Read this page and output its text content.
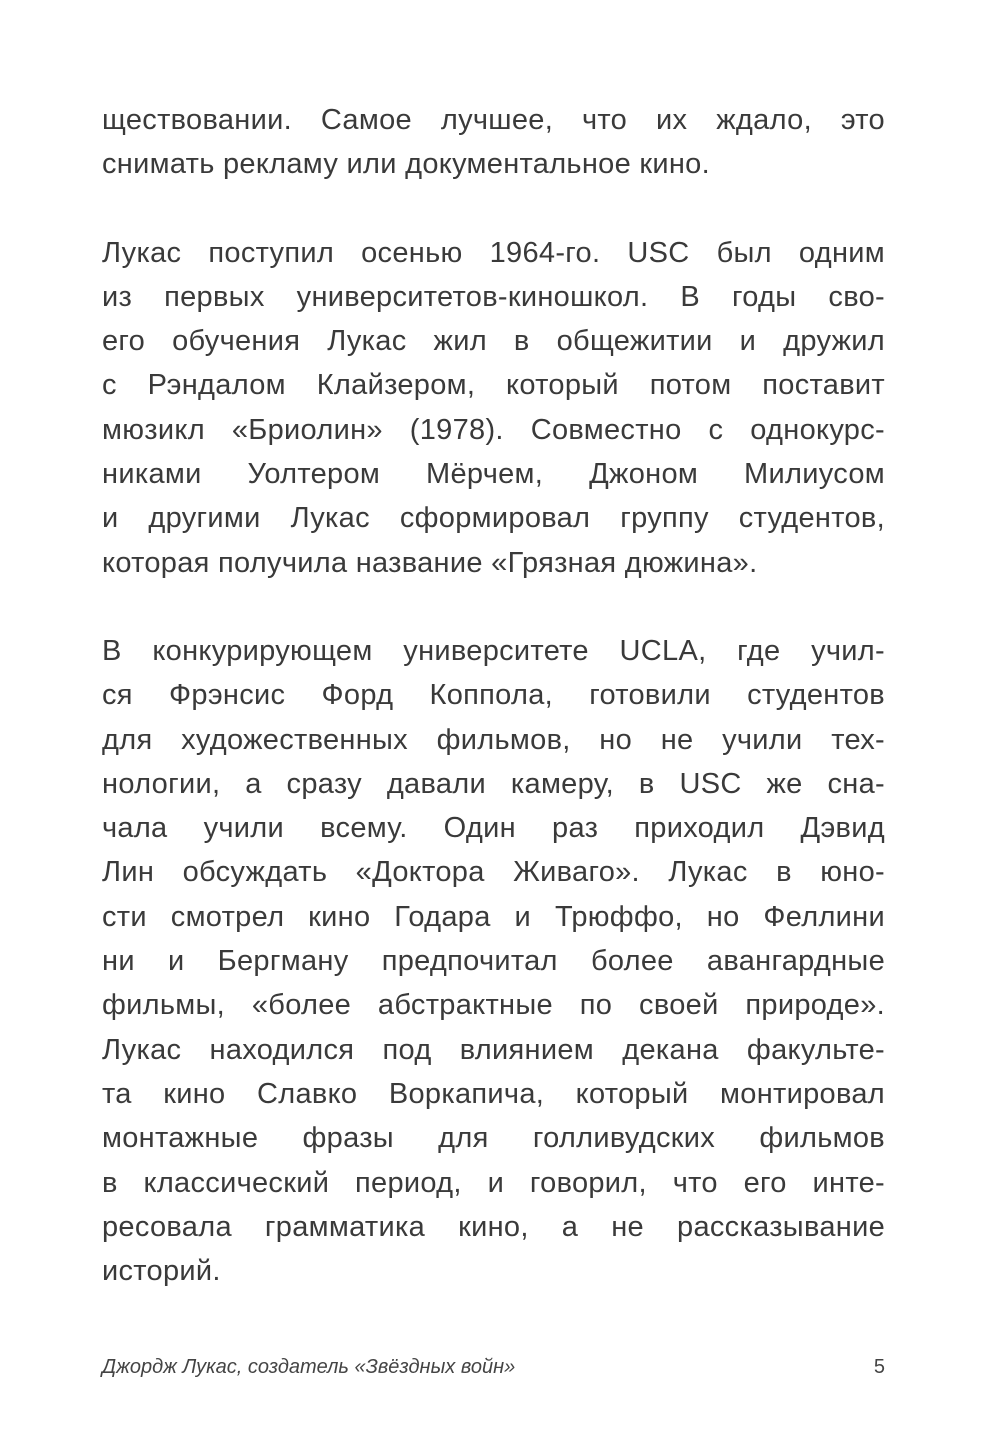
ществовании. Самое лучшее, что их ждало, это
снимать рекламу или документальное кино.
Лукас поступил осенью 1964-го. USC был одним
из первых университетов-киношкол. В годы сво-
его обучения Лукас жил в общежитии и дружил
с Рэндалом Клайзером, который потом поставит
мюзикл «Бриолин» (1978). Совместно с однокурс-
никами Уолтером Мёрчем, Джоном Милиусом
и другими Лукас сформировал группу студентов,
которая получила название «Грязная дюжина».
В конкурирующем университете UCLA, где учил-
ся Фрэнсис Форд Коппола, готовили студентов
для художественных фильмов, но не учили тех-
нологии, а сразу давали камеру, в USC же сна-
чала учили всему. Один раз приходил Дэвид
Лин обсуждать «Доктора Живаго». Лукас в юно-
сти смотрел кино Годара и Трюффо, но Феллини
ни и Бергману предпочитал более авангардные
фильмы, «более абстрактные по своей природе».
Лукас находился под влиянием декана факульте-
та кино Славко Воркапича, который монтировал
монтажные фразы для голливудских фильмов
в классический период, и говорил, что его инте-
ресовала грамматика кино, а не рассказывание
историй.
Джордж Лукас, создатель «Звёздных войн»	5
